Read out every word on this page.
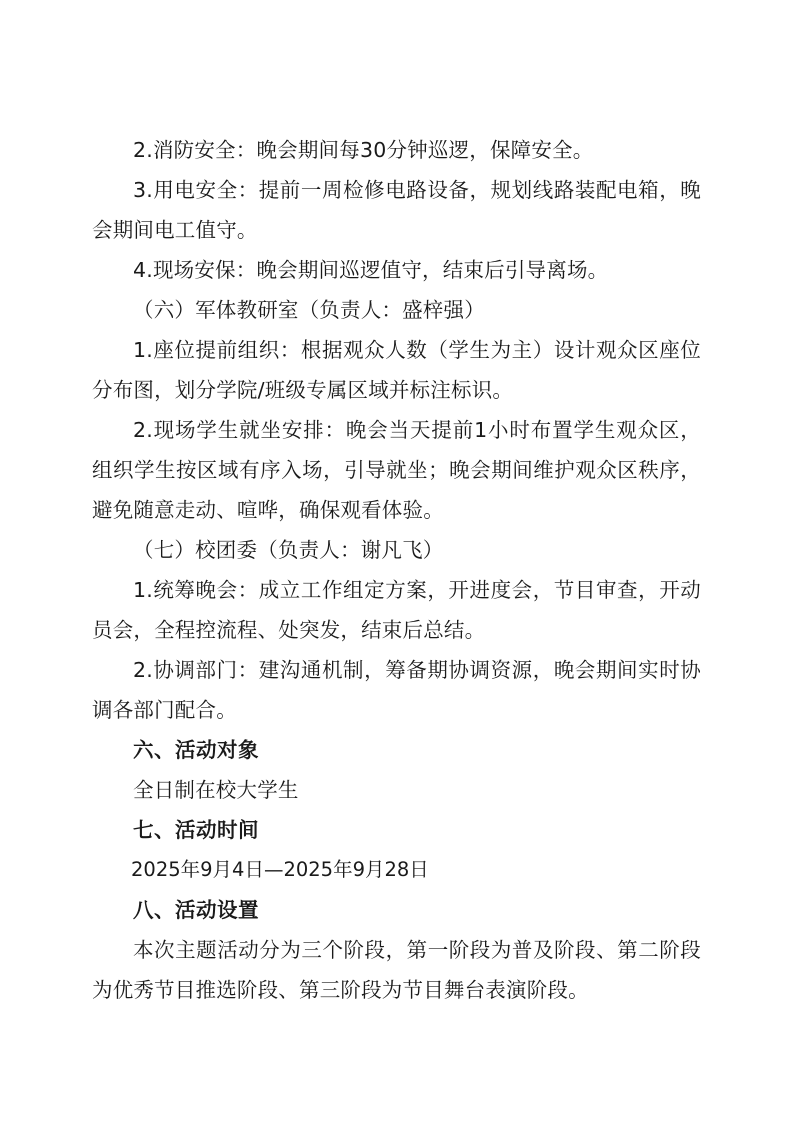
2.消防安全：晚会期间每30分钟巡逻，保障安全。

3.用电安全：提前一周检修电路设备，规划线路装配电箱，晚会期间电工值守。

4.现场安保：晚会期间巡逻值守，结束后引导离场。

（六）军体教研室（负责人：盛梓强）

1.座位提前组织：根据观众人数（学生为主）设计观众区座位分布图，划分学院/班级专属区域并标注标识。

2.现场学生就坐安排：晚会当天提前1小时布置学生观众区，组织学生按区域有序入场，引导就坐；晚会期间维护观众区秩序，避免随意走动、喧哗，确保观看体验。

（七）校团委（负责人：谢凡飞）

1.统筹晚会：成立工作组定方案，开进度会，节目审查，开动员会，全程控流程、处突发，结束后总结。

2.协调部门：建沟通机制，筹备期协调资源，晚会期间实时协调各部门配合。

六、活动对象

全日制在校大学生

七、活动时间

2025年9月4日—2025年9月28日

八、活动设置

本次主题活动分为三个阶段，第一阶段为普及阶段、第二阶段为优秀节目推选阶段、第三阶段为节目舞台表演阶段。
